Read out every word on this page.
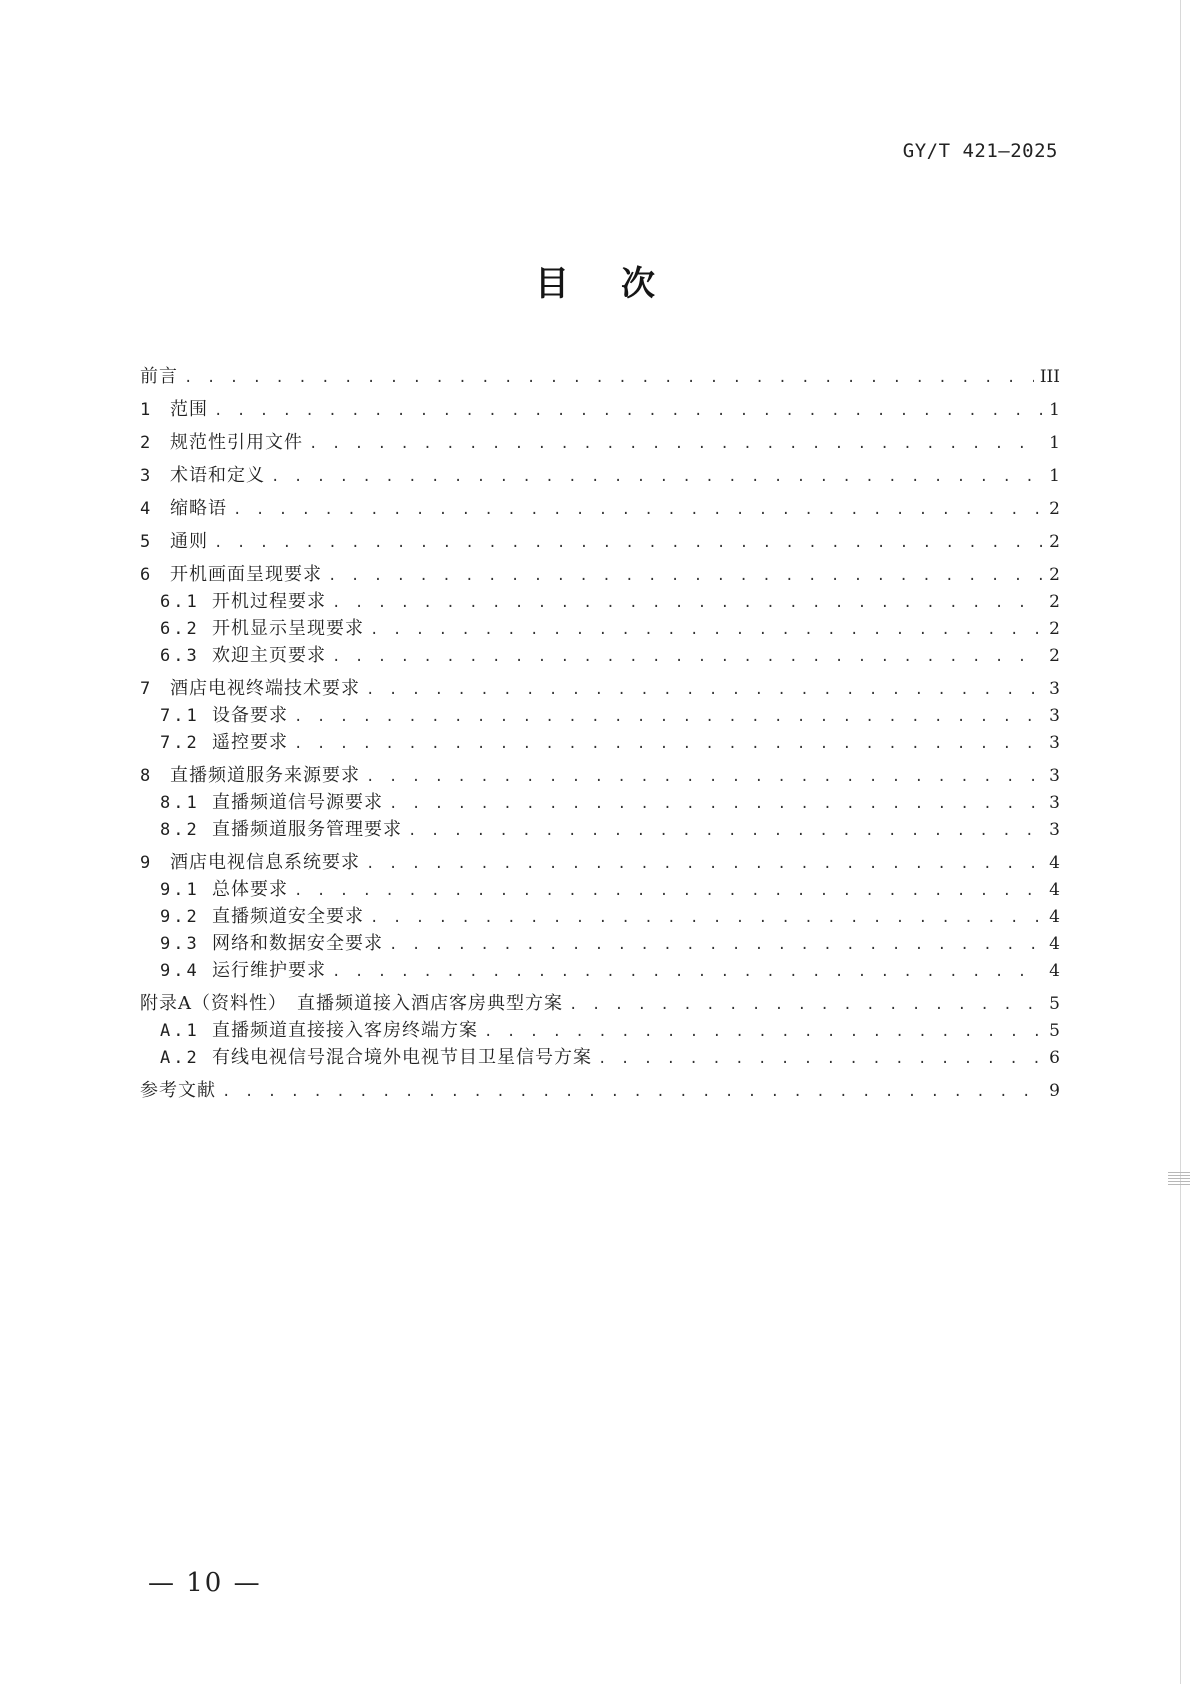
GY/T 421—2025
目次
前言 . . .	III
1	范围 . . .	1
2	规范性引用文件 . . .	1
3	术语和定义 . . .	1
4	缩略语 . . .	2
5	通则 . . .	2
6	开机画面呈现要求 . . .	2
6.1 开机过程要求 . . .	2
6.2 开机显示呈现要求 . . .	2
6.3 欢迎主页要求 . . .	2
7	酒店电视终端技术要求 . . .	3
7.1 设备要求 . . .	3
7.2 遥控要求 . . .	3
8	直播频道服务来源要求 . . .	3
8.1 直播频道信号源要求 . . .	3
8.2 直播频道服务管理要求 . . .	3
9	酒店电视信息系统要求 . . .	4
9.1 总体要求 . . .	4
9.2 直播频道安全要求 . . .	4
9.3 网络和数据安全要求 . . .	4
9.4 运行维护要求 . . .	4
附录A（资料性）　直播频道接入酒店客房典型方案 . . .	5
A.1 直播频道直接接入客房终端方案 . . .	5
A.2 有线电视信号混合境外电视节目卫星信号方案 . . .	6
参考文献 . . .	9
— 10 —
